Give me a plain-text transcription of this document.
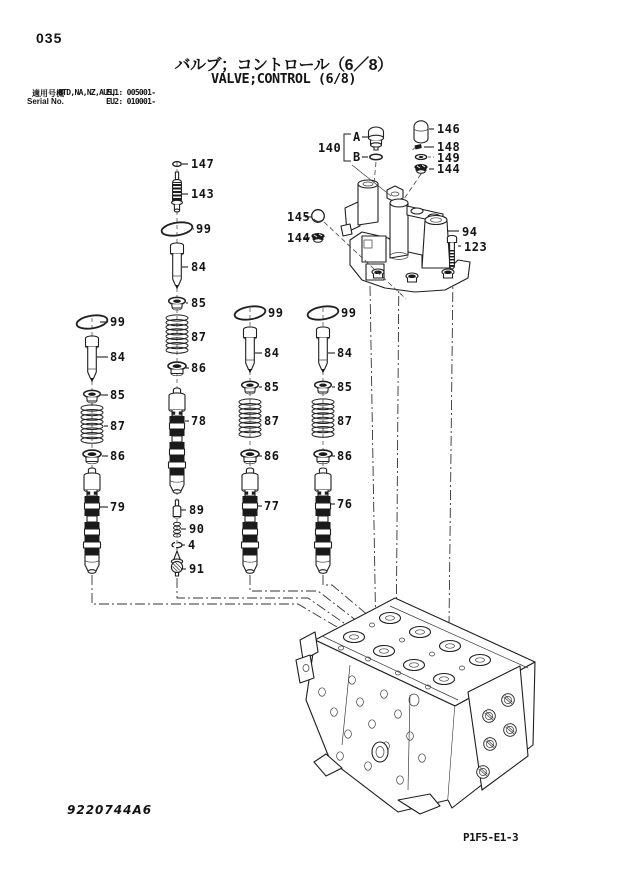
035
バルブ；コントロール（6／8）
VALVE;CONTROL (6/8)
適用号機
STD,NA,NZ,AUS,
EU1: 005001-
Serial No.	EU2: 010001-
9220744A6
P1F5-E1-3
99
84
85
87
86
79
147
143
99
84
85
87
86
78
89
90
4
91
99
84
85
87
86
77
99
84
85
87
86
76
140
A
B
146
148
149
144
145
144	94
123
